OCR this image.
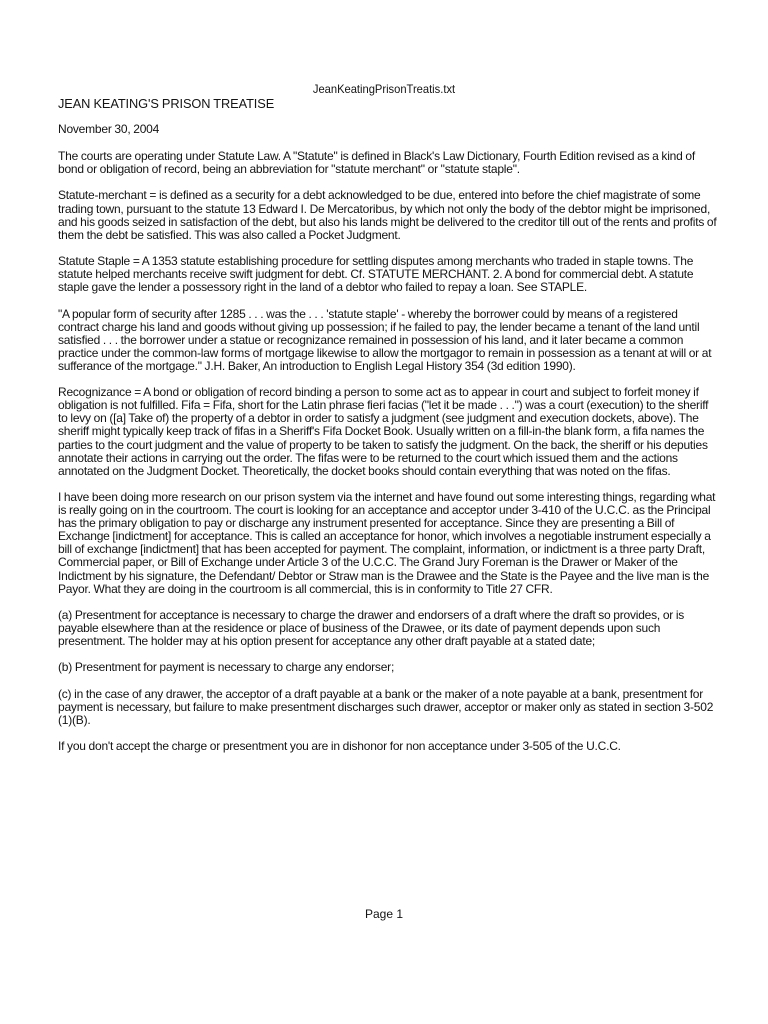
JeanKeatingPrisonTreatis.txt

JEAN KEATING'S PRISON TREATISE

November 30, 2004

The courts are operating under Statute Law. A "Statute" is defined in Black's Law Dictionary, Fourth Edition revised as a kind of bond or obligation of record, being an abbreviation for "statute merchant" or "statute staple".

Statute-merchant = is defined as a security for a debt acknowledged to be due, entered into before the chief magistrate of some trading town, pursuant to the statute 13 Edward I. De Mercatoribus, by which not only the body of the debtor might be imprisoned, and his goods seized in satisfaction of the debt, but also his lands might be delivered to the creditor till out of the rents and profits of them the debt be satisfied. This was also called a Pocket Judgment.

Statute Staple = A 1353 statute establishing procedure for settling disputes among merchants who traded in staple towns. The statute helped merchants receive swift judgment for debt. Cf. STATUTE MERCHANT. 2. A bond for commercial debt. A statute staple gave the lender a possessory right in the land of a debtor who failed to repay a loan. See STAPLE.

"A popular form of security after 1285 . . . was the . . . 'statute staple' - whereby the borrower could by means of a registered contract charge his land and goods without giving up possession; if he failed to pay, the lender became a tenant of the land until satisfied . . . the borrower under a statue or recognizance remained in possession of his land, and it later became a common practice under the common-law forms of mortgage likewise to allow the mortgagor to remain in possession as a tenant at will or at sufferance of the mortgage." J.H. Baker, An introduction to English Legal History 354 (3d edition 1990).

Recognizance = A bond or obligation of record binding a person to some act as to appear in court and subject to forfeit money if obligation is not fulfilled. Fifa = Fifa, short for the Latin phrase fieri facias ("let it be made . . .") was a court (execution) to the sheriff to levy on ([a] Take of) the property of a debtor in order to satisfy a judgment (see judgment and execution dockets, above). The sheriff might typically keep track of fifas in a Sheriff's Fifa Docket Book. Usually written on a fill-in-the blank form, a fifa names the parties to the court judgment and the value of property to be taken to satisfy the judgment. On the back, the sheriff or his deputies annotate their actions in carrying out the order. The fifas were to be returned to the court which issued them and the actions annotated on the Judgment Docket. Theoretically, the docket books should contain everything that was noted on the fifas.

I have been doing more research on our prison system via the internet and have found out some interesting things, regarding what is really going on in the courtroom. The court is looking for an acceptance and acceptor under 3-410 of the U.C.C. as the Principal has the primary obligation to pay or discharge any instrument presented for acceptance. Since they are presenting a Bill of Exchange [indictment] for acceptance. This is called an acceptance for honor, which involves a negotiable instrument especially a bill of exchange [indictment] that has been accepted for payment. The complaint, information, or indictment is a three party Draft, Commercial paper, or Bill of Exchange under Article 3 of the U.C.C. The Grand Jury Foreman is the Drawer or Maker of the Indictment by his signature, the Defendant/ Debtor or Straw man is the Drawee and the State is the Payee and the live man is the Payor. What they are doing in the courtroom is all commercial, this is in conformity to Title 27 CFR.

(a) Presentment for acceptance is necessary to charge the drawer and endorsers of a draft where the draft so provides, or is payable elsewhere than at the residence or place of business of the Drawee, or its date of payment depends upon such presentment. The holder may at his option present for acceptance any other draft payable at a stated date;

(b) Presentment for payment is necessary to charge any endorser;

(c) in the case of any drawer, the acceptor of a draft payable at a bank or the maker of a note payable at a bank, presentment for payment is necessary, but failure to make presentment discharges such drawer, acceptor or maker only as stated in section 3-502 (1)(B).

If you don't accept the charge or presentment you are in dishonor for non acceptance under 3-505 of the U.C.C.

Page 1
